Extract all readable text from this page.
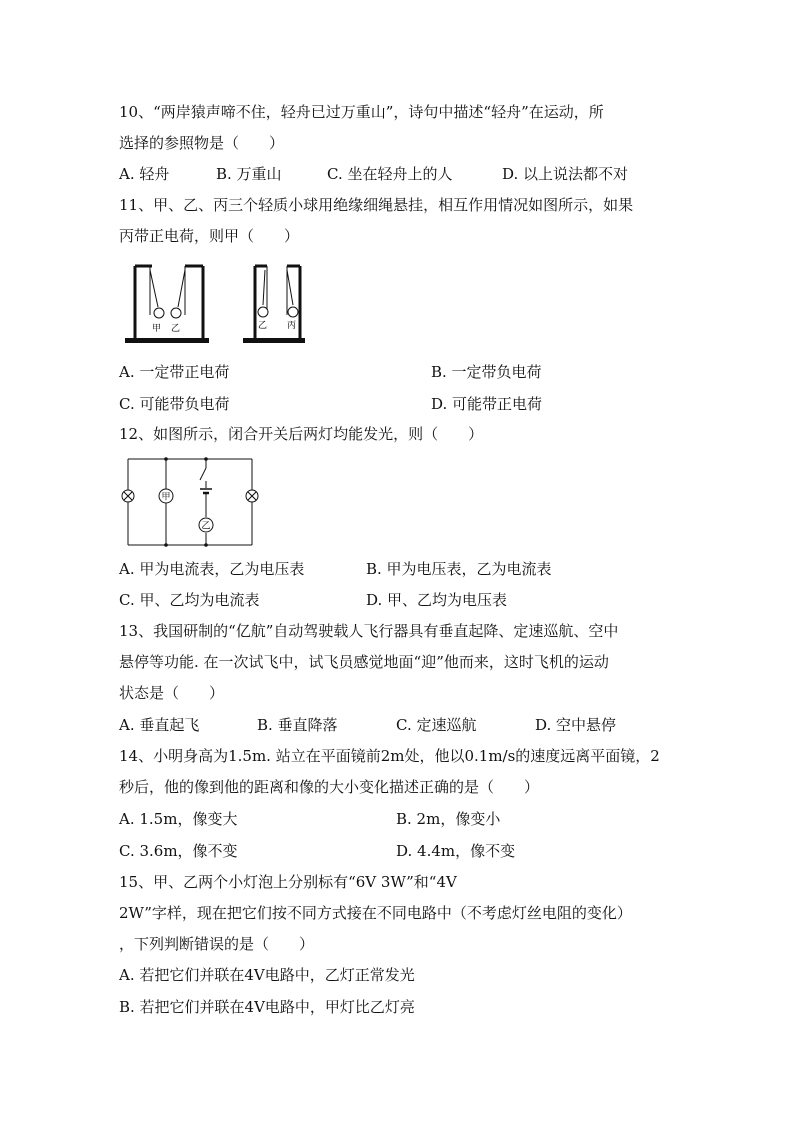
10、“两岸猿声啼不住，轻舟已过万重山”，诗句中描述“轻舟”在运动，所
选择的参照物是（　　）
A. 轻舟	B. 万重山	C. 坐在轻舟上的人	D. 以上说法都不对
11、甲、乙、丙三个轻质小球用绝缘细绳悬挂，相互作用情况如图所示，如果
丙带正电荷，则甲（　　）
甲 乙	乙 丙
A. 一定带正电荷	B. 一定带负电荷
C. 可能带负电荷	D. 可能带正电荷
12、如图所示，闭合开关后两灯均能发光，则（　　）
甲
乙
A. 甲为电流表，乙为电压表	B. 甲为电压表，乙为电流表
C. 甲、乙均为电流表	D. 甲、乙均为电压表
13、我国研制的“亿航”自动驾驶载人飞行器具有垂直起降、定速巡航、空中
悬停等功能. 在一次试飞中，试飞员感觉地面“迎”他而来，这时飞机的运动
状态是（　　）
A. 垂直起飞	B. 垂直降落	C. 定速巡航	D. 空中悬停
14、小明身高为1.5m. 站立在平面镜前2m处，他以0.1m/s的速度远离平面镜，2
秒后，他的像到他的距离和像的大小变化描述正确的是（　　）
A. 1.5m，像变大	B. 2m，像变小
C. 3.6m，像不变	D. 4.4m，像不变
15、甲、乙两个小灯泡上分别标有“6V 3W”和“4V
2W”字样，现在把它们按不同方式接在不同电路中（不考虑灯丝电阻的变化）
，下列判断错误的是（　　）
A. 若把它们并联在4V电路中，乙灯正常发光
B. 若把它们并联在4V电路中，甲灯比乙灯亮
